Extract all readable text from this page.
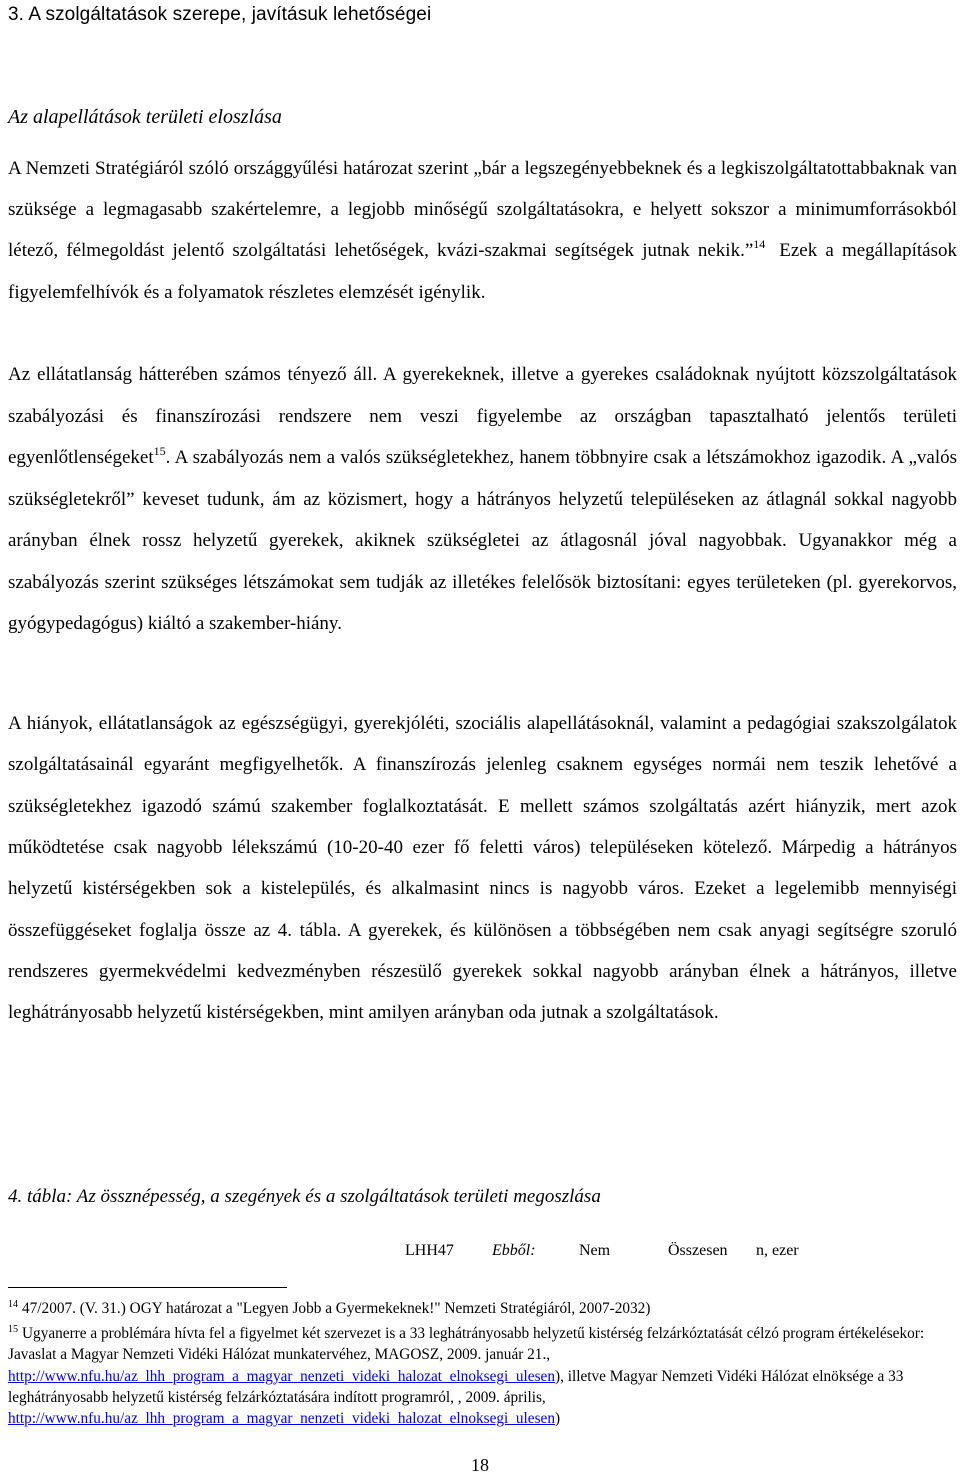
3. A szolgáltatások szerepe, javításuk lehetőségei
Az alapellátások területi eloszlása

A Nemzeti Stratégiáról szóló országgyűlési határozat szerint „bár a legszegényebbeknek és a legkiszolgáltatottabbaknak van szüksége a legmagasabb szakértelemre, a legjobb minőségű szolgáltatásokra, e helyett sokszor a minimumforrásokból létező, félmegoldást jelentő szolgáltatási lehetőségek, kvázi-szakmai segítségek jutnak nekik.”$^{14}$ Ezek a megállapítások figyelemfelhívók és a folyamatok részletes elemzését igénylik.

Az ellátatlanság hátterében számos tényező áll. A gyerekeknek, illetve a gyerekes családoknak nyújtott közszolgáltatások szabályozási és finanszírozási rendszere nem veszi figyelembe az országban tapasztalható jelentős területi egyenlőtlenségeket$^{15}$. A szabályozás nem a valós szükségletekhez, hanem többnyire csak a létszámokhoz igazodik. A „valós szükségletekről” keveset tudunk, ám az közismert, hogy a hátrányos helyzetű településeken az átlagnál sokkal nagyobb arányban élnek rossz helyzetű gyerekek, akiknek szükségletei az átlagosnál jóval nagyobbak. Ugyanakkor még a szabályozás szerint szükséges létszámokat sem tudják az illetékes felelősök biztosítani: egyes területeken (pl. gyerekorvos, gyógypedagógus) kiáltó a szakember-hiány.

A hiányok, ellátatlanságok az egészségügyi, gyerekjóléti, szociális alapellátásoknál, valamint a pedagógiai szakszolgálatok szolgáltatásainál egyaránt megfigyelhetők. A finanszírozás jelenleg csaknem egységes normái nem teszik lehetővé a szükségletekhez igazodó számú szakember foglalkoztatását. E mellett számos szolgáltatás azért hiányzik, mert azok működtetése csak nagyobb lélekszámú (10-20-40 ezer fő feletti város) településeken kötelező. Márpedig a hátrányos helyzetű kistérségekben sok a kistelepülés, és alkalmasint nincs is nagyobb város. Ezeket a legelemibb mennyiségi összefüggéseket foglalja össze az 4. tábla. A gyerekek, és különösen a többségében nem csak anyagi segítségre szoruló rendszeres gyermekvédelmi kedvezményben részesülő gyerekek sokkal nagyobb arányban élnek a hátrányos, illetve leghátrányosabb helyzetű kistérségekben, mint amilyen arányban oda jutnak a szolgáltatások.

4. tábla: Az össznépesség, a szegények és a szolgáltatások területi megoszlása
LHH47 Ebből:	Nem	Összesen n, ezer

$^{14}$ 47/2007. (V. 31.) OGY határozat a "Legyen Jobb a Gyermekeknek!" Nemzeti Stratégiáról, 2007-2032)

$^{15}$ Ugyanerre a problémára hívta fel a figyelmet két szervezet is a 33 leghátrányosabb helyzetű kistérség felzárkóztatását célzó program értékelésekor: Javaslat a Magyar Nemzeti Vidéki Hálózat munkatervéhez, MAGOSZ, 2009. január 21., http://www.nfu.hu/az_lhh_program_a_magyar_nenzeti_videki_halozat_elnoksegi_ulesen), illetve Magyar Nemzeti Vidéki Hálózat elnöksége a 33 leghátrányosabb helyzetű kistérség felzárkóztatására indított programról, , 2009. április, http://www.nfu.hu/az_lhh_program_a_magyar_nenzeti_videki_halozat_elnoksegi_ulesen)

18
